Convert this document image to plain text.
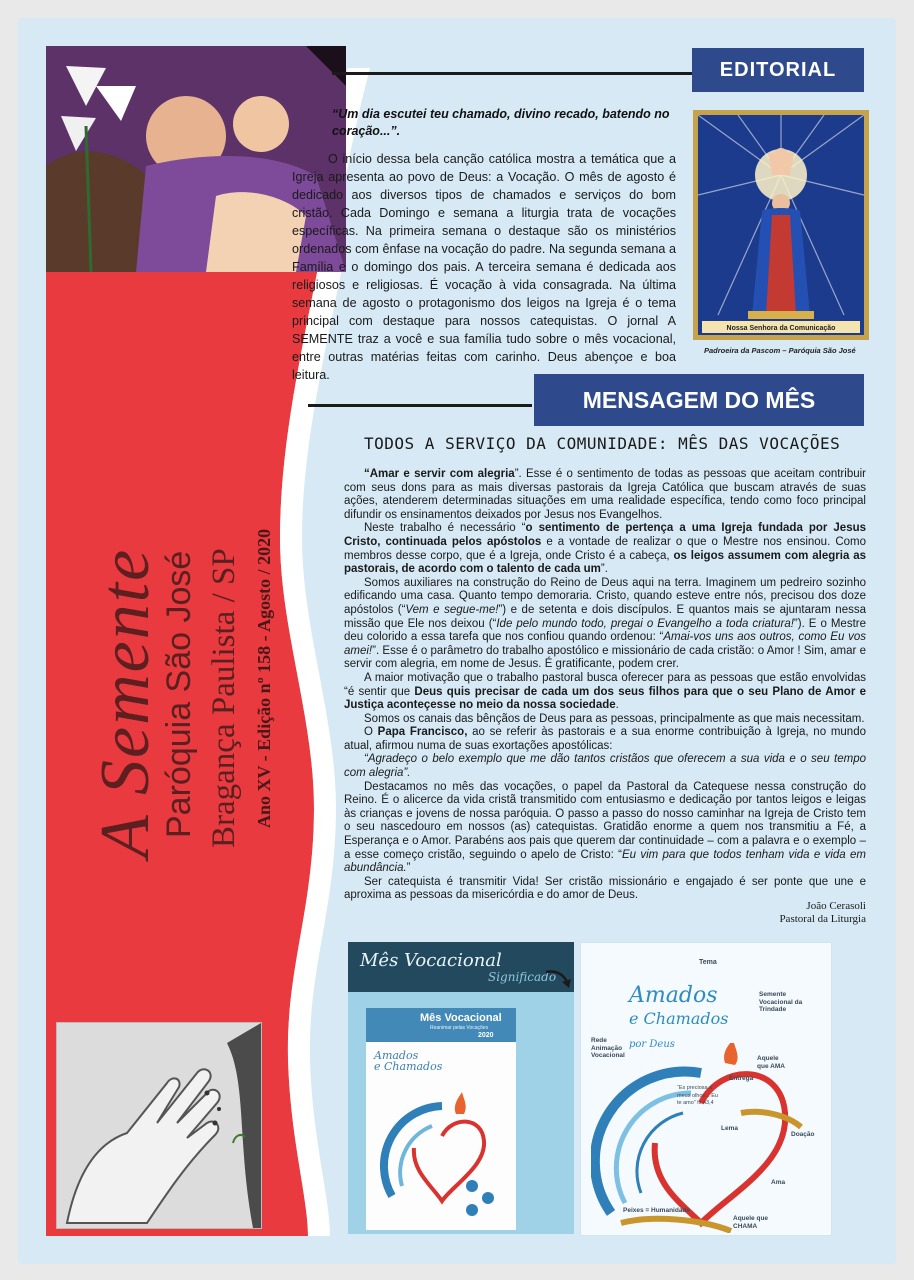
A Semente
Paróquia São José Bragança Paulista / SP Ano XV - Edição nº 158 - Agosto / 2020
EDITORIAL
“Um dia escutei teu chamado, divino recado, batendo no coração...”.
O início dessa bela canção católica mostra a temática que a Igreja apresenta ao povo de Deus: a Vocação. O mês de agosto é dedicado aos diversos tipos de chamados e serviços do bom cristão. Cada Domingo e semana a liturgia trata de vocações específicas. Na primeira semana o destaque são os ministérios ordenados com ênfase na vocação do padre. Na segunda semana a Família e o domingo dos pais. A terceira semana é dedicada aos religiosos e religiosas. É vocação à vida consagrada. Na última semana de agosto o protagonismo dos leigos na Igreja é o tema principal com destaque para nossos catequistas. O jornal A SEMENTE traz a você e sua família tudo sobre o mês vocacional, entre outras matérias feitas com carinho. Deus abençoe e boa leitura.
Nossa Senhora da Comunicação
Padroeira da Pascom – Paróquia São José
MENSAGEM DO MÊS
TODOS A SERVIÇO DA COMUNIDADE: MÊS DAS VOCAÇÕES

“Amar e servir com alegria”. Esse é o sentimento de todas as pessoas que aceitam contribuir com seus dons para as mais diversas pastorais da Igreja Católica que buscam através de suas ações, atenderem determinadas situações em uma realidade específica, tendo como foco principal difundir os ensinamentos deixados por Jesus nos Evangelhos.

Neste trabalho é necessário “o sentimento de pertença a uma Igreja fundada por Jesus Cristo, continuada pelos apóstolos e a vontade de realizar o que o Mestre nos ensinou. Como membros desse corpo, que é a Igreja, onde Cristo é a cabeça, os leigos assumem com alegria as pastorais, de acordo com o talento de cada um”.

Somos auxiliares na construção do Reino de Deus aqui na terra. Imaginem um pedreiro sozinho edificando uma casa. Quanto tempo demoraria. Cristo, quando esteve entre nós, precisou dos doze apóstolos (“Vem e segue-me!”) e de setenta e dois discípulos. E quantos mais se ajuntaram nessa missão que Ele nos deixou (“Ide pelo mundo todo, pregai o Evangelho a toda criatura!”). E o Mestre deu colorido a essa tarefa que nos confiou quando ordenou: “Amai-vos uns aos outros, como Eu vos amei!”. Esse é o parâmetro do trabalho apostólico e missionário de cada cristão: o Amor ! Sim, amar e servir com alegria, em nome de Jesus. É gratificante, podem crer.

A maior motivação que o trabalho pastoral busca oferecer para as pessoas que estão envolvidas “é sentir que Deus quis precisar de cada um dos seus filhos para que o seu Plano de Amor e Justiça aconteçesse no meio da nossa sociedade.

Somos os canais das bênçãos de Deus para as pessoas, principalmente as que mais necessitam.

O Papa Francisco, ao se referir às pastorais e a sua enorme contribuição à Igreja, no mundo atual, afirmou numa de suas exortações apostólicas:

“Agradeço o belo exemplo que me dão tantos cristãos que oferecem a sua vida e o seu tempo com alegria”.

Destacamos no mês das vocações, o papel da Pastoral da Catequese nessa construção do Reino. É o alicerce da vida cristã transmitido com entusiasmo e dedicação por tantos leigos e leigas às crianças e jovens de nossa paróquia. O passo a passo do nosso caminhar na Igreja de Cristo tem o seu nascedouro em nossos (as) catequistas. Gratidão enorme a quem nos transmitiu a Fé, a Esperança e o Amor. Parabéns aos pais que querem dar continuidade – com a palavra e o exemplo – a esse começo cristão, seguindo o apelo de Cristo: “Eu vim para que todos tenham vida e vida em abundância.”

Ser catequista é transmitir Vida! Ser cristão missionário e engajado é ser ponte que une e aproxima as pessoas da misericórdia e do amor de Deus.

João Cerasoli
Pastoral da Liturgia
Mês Vocacional
Significado
Mês Vocacional
Reanimar pelas Vocações
2020
Amados
e Chamados
Amados
e Chamados
por Deus
Tema
Semente Vocacional da Trindade
Rede Animação Vocacional	Aquele que AMA
Entrega
“Es preciosa a meus olhos... Eu te amo” Is 43,4
Lema
Doação
Ama
Peixes = Humanidade
Aquele que CHAMA
